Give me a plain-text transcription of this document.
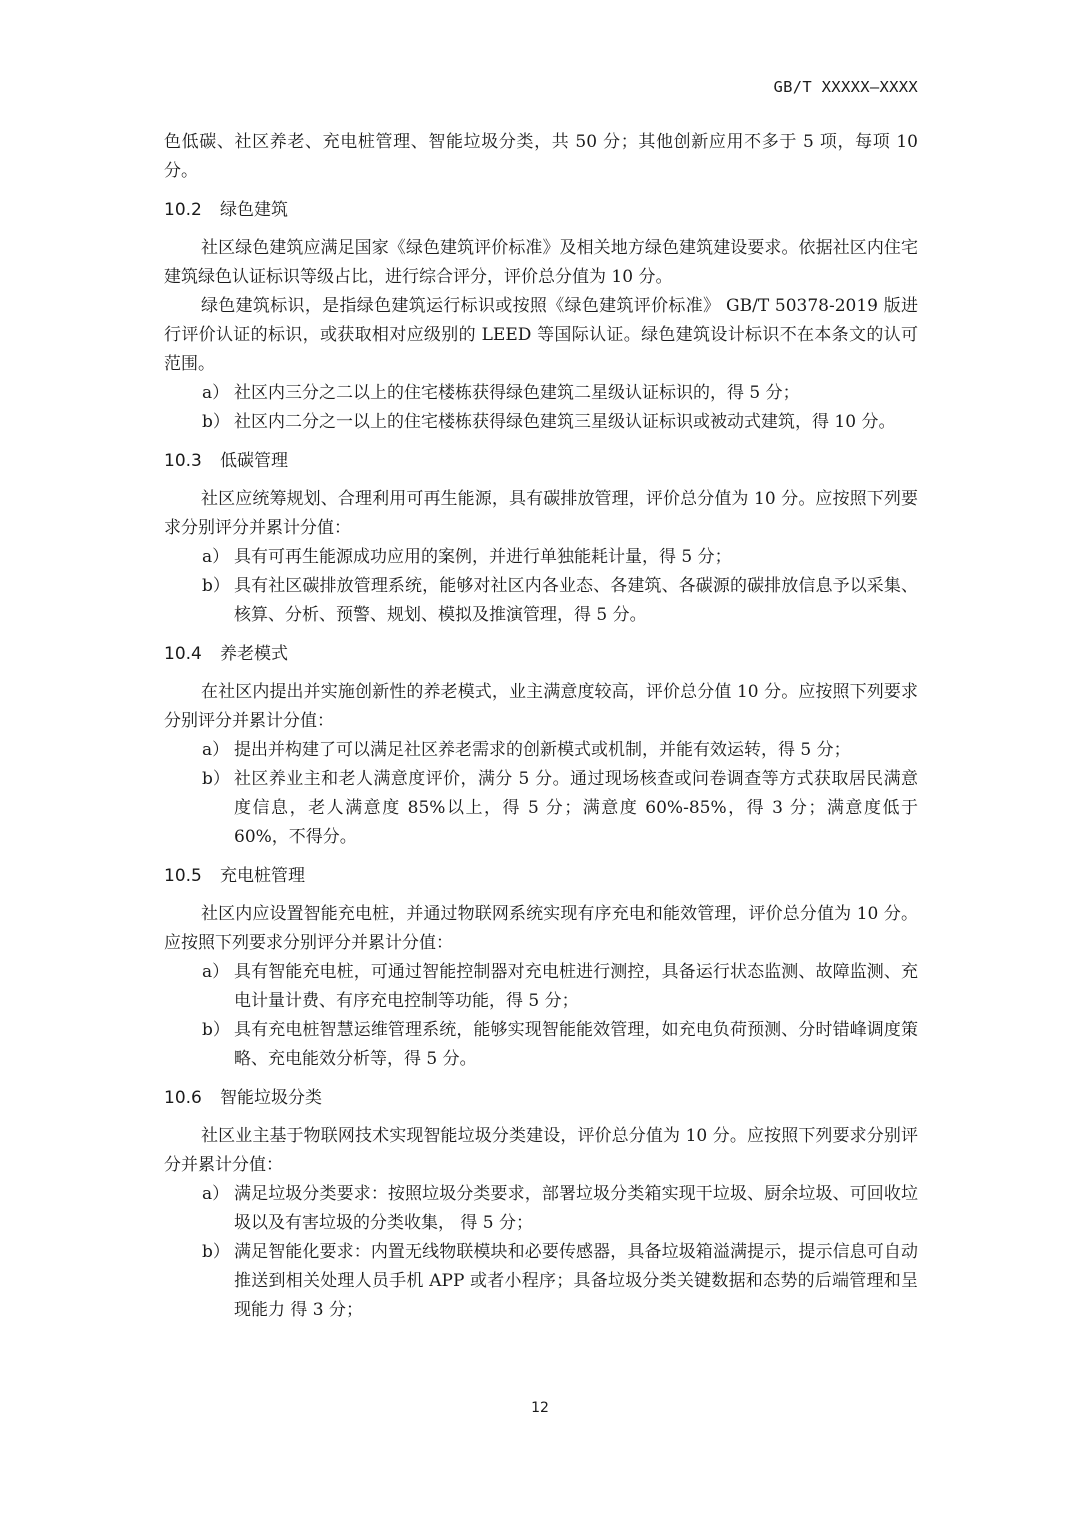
GB/T XXXXX—XXXX

色低碳、社区养老、充电桩管理、智能垃圾分类，共 50 分；其他创新应用不多于 5 项，每项 10 分。

10.2 绿色建筑

社区绿色建筑应满足国家《绿色建筑评价标准》及相关地方绿色建筑建设要求。依据社区内住宅建筑绿色认证标识等级占比，进行综合评分，评价总分值为 10 分。

绿色建筑标识，是指绿色建筑运行标识或按照《绿色建筑评价标准》 GB/T 50378-2019 版进行评价认证的标识，或获取相对应级别的 LEED 等国际认证。绿色建筑设计标识不在本条文的认可范围。

a） 社区内三分之二以上的住宅楼栋获得绿色建筑二星级认证标识的，得 5 分；
b） 社区内二分之一以上的住宅楼栋获得绿色建筑三星级认证标识或被动式建筑，得 10 分。
10.3 低碳管理

社区应统筹规划、合理利用可再生能源，具有碳排放管理，评价总分值为 10 分。应按照下列要求分别评分并累计分值：

a） 具有可再生能源成功应用的案例，并进行单独能耗计量，得 5 分；
b） 具有社区碳排放管理系统，能够对社区内各业态、各建筑、各碳源的碳排放信息予以采集、核算、分析、预警、规划、模拟及推演管理，得 5 分。
10.4 养老模式

在社区内提出并实施创新性的养老模式，业主满意度较高，评价总分值 10 分。应按照下列要求分别评分并累计分值：

a） 提出并构建了可以满足社区养老需求的创新模式或机制，并能有效运转，得 5 分；
b） 社区养业主和老人满意度评价，满分 5 分。通过现场核查或问卷调查等方式获取居民满意度信息，老人满意度 85%以上，得 5 分；满意度 60%-85%，得 3 分；满意度低于 60%，不得分。
10.5 充电桩管理

社区内应设置智能充电桩，并通过物联网系统实现有序充电和能效管理，评价总分值为 10 分。应按照下列要求分别评分并累计分值：

a） 具有智能充电桩，可通过智能控制器对充电桩进行测控，具备运行状态监测、故障监测、充电计量计费、有序充电控制等功能，得 5 分；
b） 具有充电桩智慧运维管理系统，能够实现智能能效管理，如充电负荷预测、分时错峰调度策略、充电能效分析等，得 5 分。
10.6 智能垃圾分类

社区业主基于物联网技术实现智能垃圾分类建设，评价总分值为 10 分。应按照下列要求分别评分并累计分值：

a） 满足垃圾分类要求：按照垃圾分类要求，部署垃圾分类箱实现干垃圾、厨余垃圾、可回收垃圾以及有害垃圾的分类收集， 得 5 分；
b） 满足智能化要求：内置无线物联模块和必要传感器，具备垃圾箱溢满提示，提示信息可自动推送到相关处理人员手机 APP 或者小程序；具备垃圾分类关键数据和态势的后端管理和呈现能力 得 3 分；
12
